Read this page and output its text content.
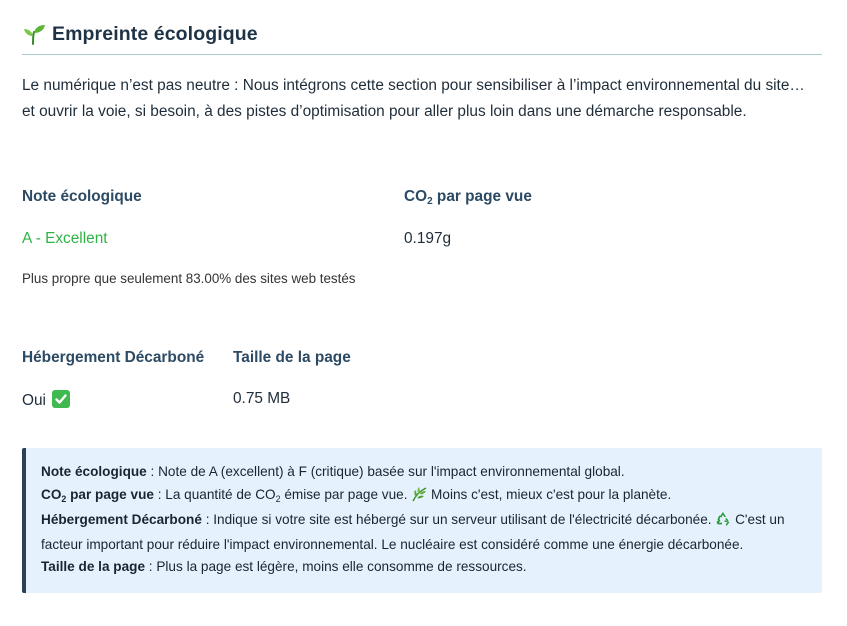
Empreinte écologique
Le numérique n’est pas neutre : Nous intégrons cette section pour sensibiliser à l’impact environnemental du site… et ouvrir la voie, si besoin, à des pistes d’optimisation pour aller plus loin dans une démarche responsable.
Note écologique
A - Excellent
Plus propre que seulement 83.00% des sites web testés
CO2 par page vue
0.197g
Hébergement Décarboné
Oui
Taille de la page
0.75 MB

Note écologique : Note de A (excellent) à F (critique) basée sur l'impact environnemental global.

$CO_2$ par page vue : La quantité de $CO_2$ émise par page vue.  Moins c'est, mieux c'est pour la planète.

Hébergement Décarboné : Indique si votre site est hébergé sur un serveur utilisant de l'électricité décarbonée.  C'est un facteur important pour réduire l'impact environnemental. Le nucléaire est considéré comme une énergie décarbonée.

Taille de la page : Plus la page est légère, moins elle consomme de ressources.
